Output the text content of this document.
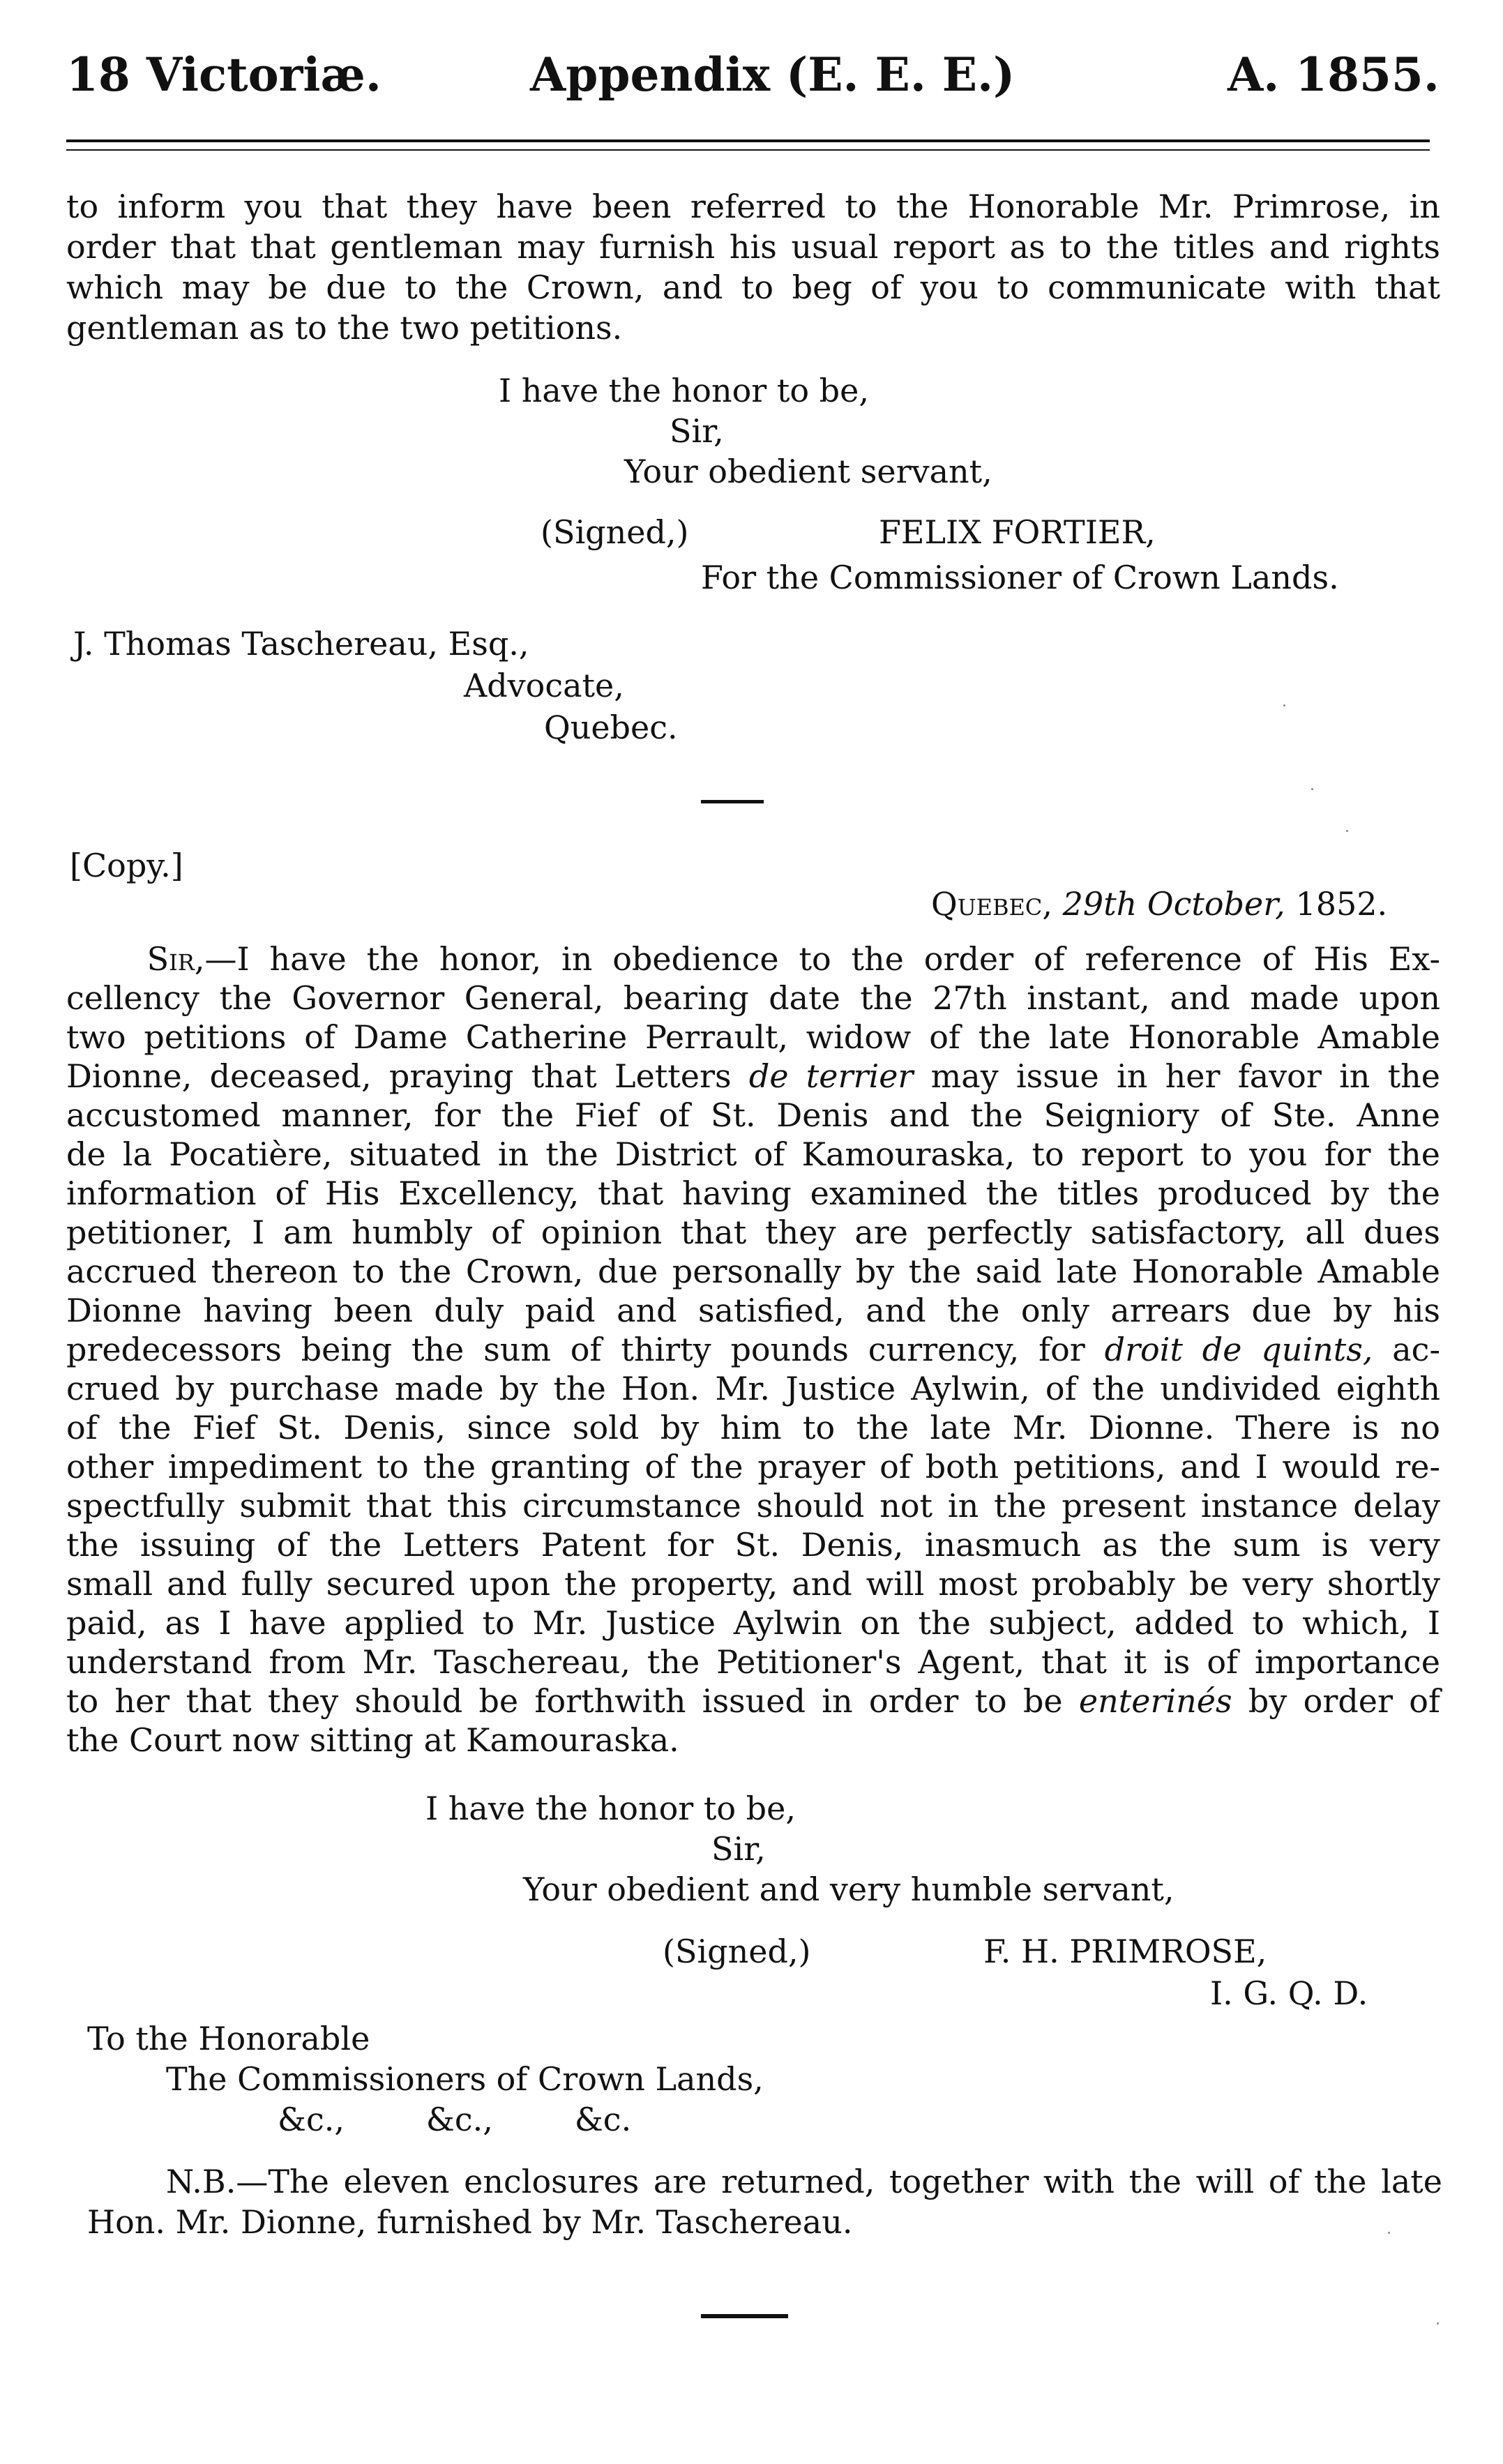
18 Victoriæ.	Appendix (E. E. E.)	A. 1855.
to inform you that they have been referred to the Honorable Mr. Primrose, in
order that that gentleman may furnish his usual report as to the titles and rights
which may be due to the Crown, and to beg of you to communicate with that
gentleman as to the two petitions.
I have the honor to be,
Sir,
Your obedient servant,
(Signed,)	FELIX FORTIER,
For the Commissioner of Crown Lands.
J. Thomas Taschereau, Esq.,
Advocate,
Quebec.
[Copy.]
Quebec, 29th October, 1852.
Sir,—I have the honor, in obedience to the order of reference of His Ex-
cellency the Governor General, bearing date the 27th instant, and made upon
two petitions of Dame Catherine Perrault, widow of the late Honorable Amable
Dionne, deceased, praying that Letters de terrier may issue in her favor in the
accustomed manner, for the Fief of St. Denis and the Seigniory of Ste. Anne
de la Pocatière, situated in the District of Kamouraska, to report to you for the
information of His Excellency, that having examined the titles produced by the
petitioner, I am humbly of opinion that they are perfectly satisfactory, all dues
accrued thereon to the Crown, due personally by the said late Honorable Amable
Dionne having been duly paid and satisfied, and the only arrears due by his
predecessors being the sum of thirty pounds currency, for droit de quints, ac-
crued by purchase made by the Hon. Mr. Justice Aylwin, of the undivided eighth
of the Fief St. Denis, since sold by him to the late Mr. Dionne. There is no
other impediment to the granting of the prayer of both petitions, and I would re-
spectfully submit that this circumstance should not in the present instance delay
the issuing of the Letters Patent for St. Denis, inasmuch as the sum is very
small and fully secured upon the property, and will most probably be very shortly
paid, as I have applied to Mr. Justice Aylwin on the subject, added to which, I
understand from Mr. Taschereau, the Petitioner's Agent, that it is of importance
to her that they should be forthwith issued in order to be enterinés by order of
the Court now sitting at Kamouraska.
I have the honor to be,
Sir,
Your obedient and very humble servant,
(Signed,)	F. H. PRIMROSE,
I. G. Q. D.
To the Honorable
The Commissioners of Crown Lands,
&c.,        &c.,        &c.
N.B.—The eleven enclosures are returned, together with the will of the late
Hon. Mr. Dionne, furnished by Mr. Taschereau.
